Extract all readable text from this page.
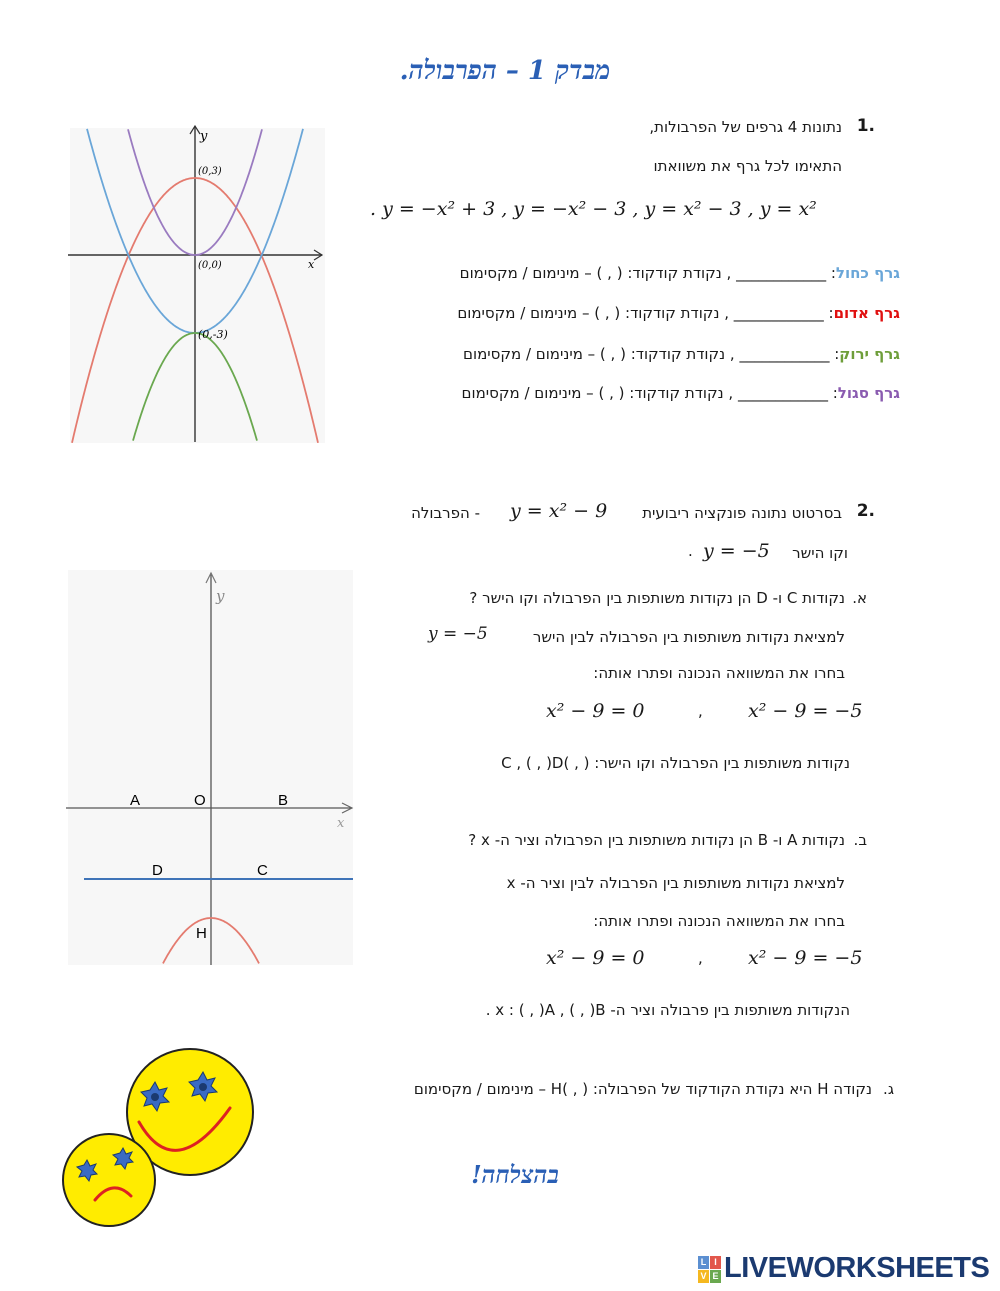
מבדק 1 – הפרבולה.
y
x
(0,3)
(0,0)
(0,-3)
1.
נתונות 4 גרפים של הפרבולות,
התאימו לכל גרף את משוואתו
. y = −x² + 3 , y = −x² − 3 , y = x² − 3 , y = x²
גרף כחול: ____________ , נקודת קודקוד: ( , ) – מינימום / מקסימום
גרף אדום: ____________ , נקודת קודקוד: ( , ) – מינימום / מקסימום
גרף ירוק: ____________ , נקודת קודקוד: ( , ) – מינימום / מקסימום
גרף סגול: ____________ , נקודת קודקוד: ( , ) – מינימום / מקסימום
2.
בסרטוט נתונה פונקציה ריבועית
y = x² − 9
- הפרבולה
וקו הישר
y = −5
.
א.
נקודות C ו- D הן נקודות משותפות בין הפרבולה וקו הישר ?
למציאת נקודות משותפות בין הפרבולה לבין הישר
y = −5
בחרו את המשוואה הנכונה ופתרו אותה:
x² − 9 = −5
,
x² − 9 = 0
נקודות משותפות בין הפרבולה וקו הישר: ( , )C , ( , )D
ב.
נקודות A ו- B הן נקודות משותפות בין הפרבולה וציר ה- x ?
למציאת נקודות משותפות בין הפרבולה לבין וציר ה- x
בחרו את המשוואה הנכונה ופתרו אותה:
x² − 9 = −5
,
x² − 9 = 0
הנקודות משותפות בין פרבולה וציר ה- x : ( , )A , ( , )B .
ג.
נקודה H היא נקודת הקודקוד של הפרבולה: ( , )H – מינימום / מקסימום
y
x
A	O	B
D	C
H
בהצלחה!
L I
V E LIVEWORKSHEETS
